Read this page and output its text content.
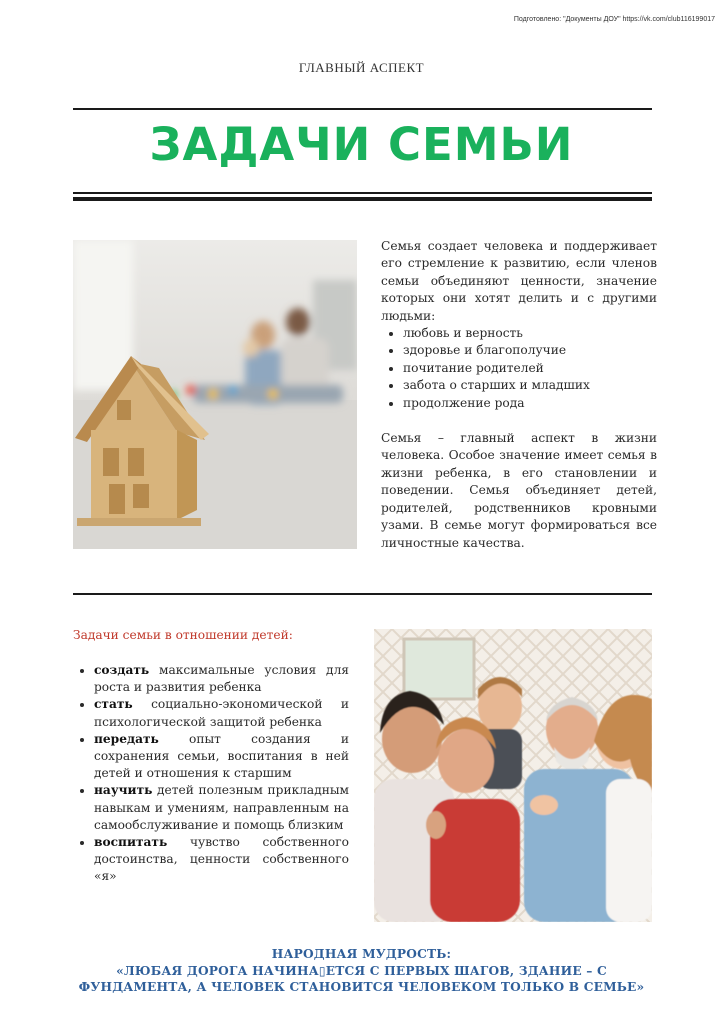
Подготовлено: "Документы ДОУ" https://vk.com/club116199017
ГЛАВНЫЙ АСПЕКТ
ЗАДАЧИ СЕМЬИ

Семья создает человека и поддерживает его стремление к развитию, если членов семьи объединяют ценности, значение которых они хотят делить и с другими людьми:

• любовь и верность
• здоровье и благополучие
• почитание родителей
• забота о старших и младших
• продолжение рода

Семья – главный аспект в жизни человека. Особое значение имеет семья в жизни ребенка, в его становлении и поведении. Семья объединяет детей, родителей, родственников кровными узами. В семье могут формироваться все личностные качества.

Задачи семьи в отношении детей:
• создать максимальные условия для роста и развития ребенка
• стать социально-экономической и психологической защитой ребенка
• передать опыт создания и сохранения семьи, воспитания в ней детей и отношения к старшим
• научить детей полезным прикладным навыкам и умениям, направленным на самообслуживание и помощь близким
• воспитать чувство собственного достоинства, ценности собственного «я»
НАРОДНАЯ МУДРОСТЬ:
«ЛЮБАЯ ДОРОГА НАЧИНА▯ЕТСЯ С ПЕРВЫХ ШАГОВ, ЗДАНИЕ – С
ФУНДАМЕНТА, А ЧЕЛОВЕК СТАНОВИТСЯ ЧЕЛОВЕКОМ ТОЛЬКО В СЕМЬЕ»
